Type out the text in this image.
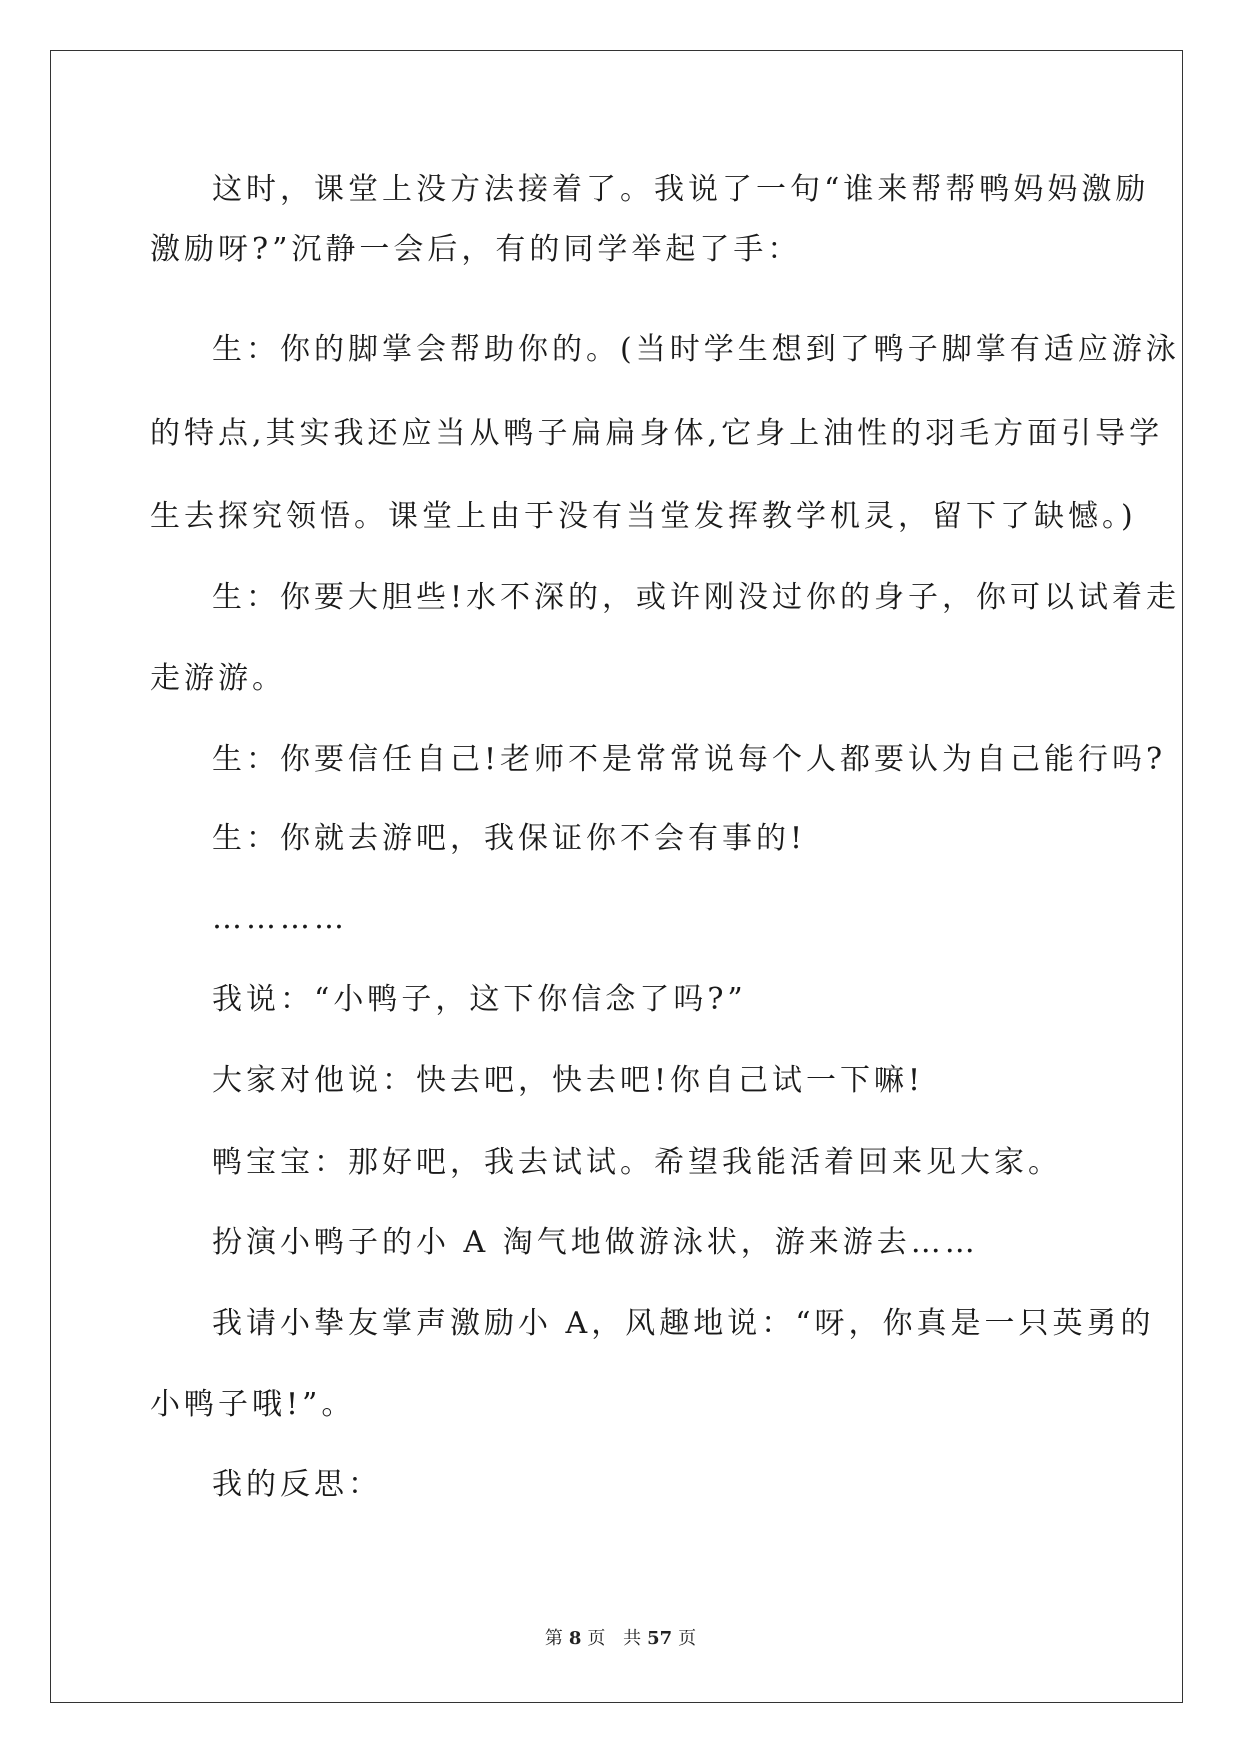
这时，课堂上没方法接着了。我说了一句“谁来帮帮鸭妈妈激励
激励呀?”沉静一会后，有的同学举起了手：
生：你的脚掌会帮助你的。(当时学生想到了鸭子脚掌有适应游泳
的特点,其实我还应当从鸭子扁扁身体,它身上油性的羽毛方面引导学
生去探究领悟。课堂上由于没有当堂发挥教学机灵，留下了缺憾。)
生：你要大胆些!水不深的，或许刚没过你的身子，你可以试着走
走游游。
生：你要信任自己!老师不是常常说每个人都要认为自己能行吗?
生：你就去游吧，我保证你不会有事的!
…………
我说：“小鸭子，这下你信念了吗?”
大家对他说：快去吧，快去吧!你自己试一下嘛!
鸭宝宝：那好吧，我去试试。希望我能活着回来见大家。
扮演小鸭子的小 A 淘气地做游泳状，游来游去……
我请小挚友掌声激励小 A，风趣地说：“呀，你真是一只英勇的
小鸭子哦!”。
我的反思：
第 8 页 共 57 页
